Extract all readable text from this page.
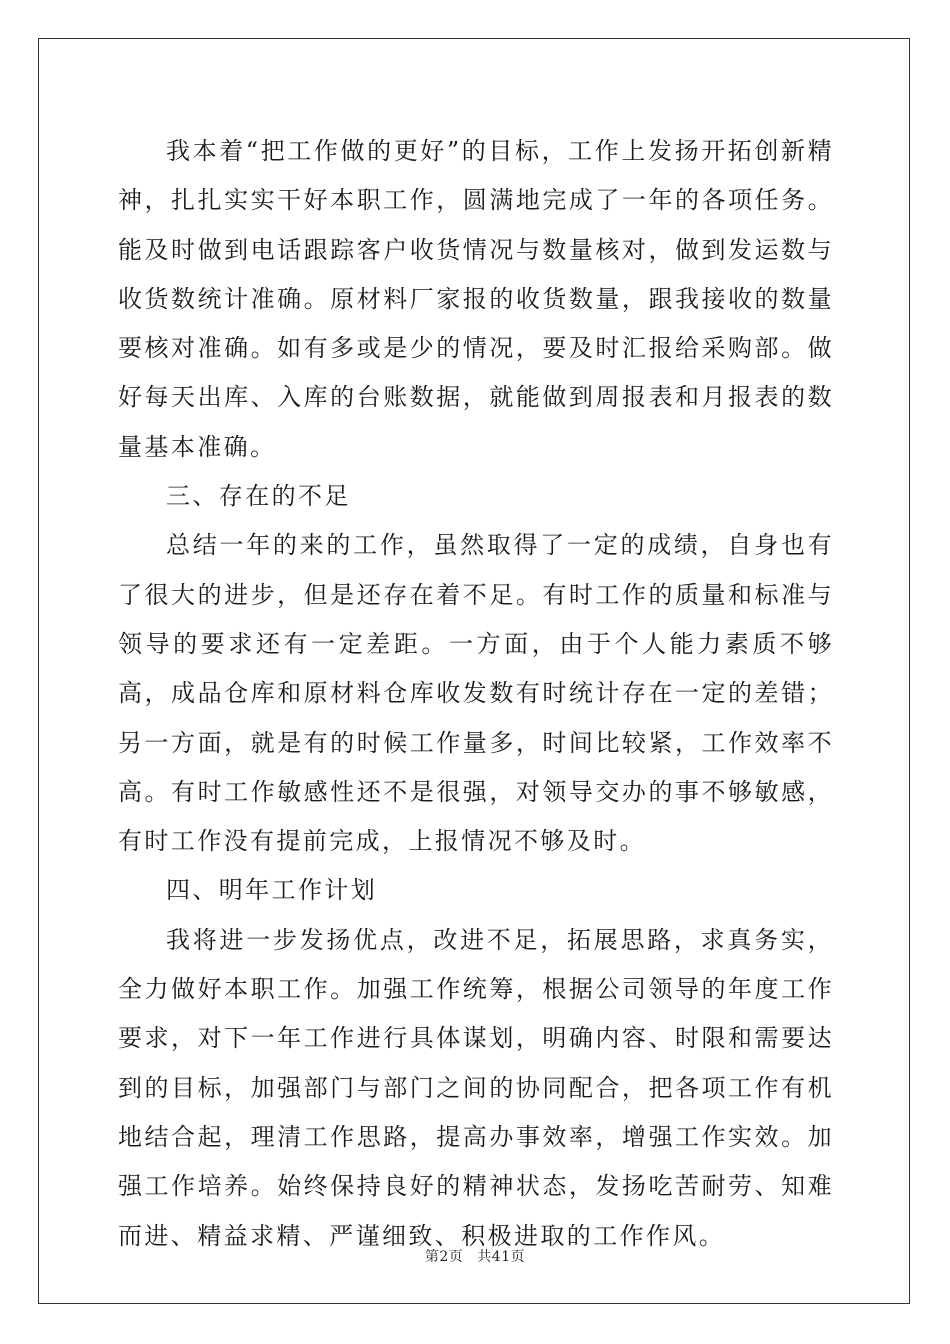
我本着“把工作做的更好”的目标，工作上发扬开拓创新精神，扎扎实实干好本职工作，圆满地完成了一年的各项任务。能及时做到电话跟踪客户收货情况与数量核对，做到发运数与收货数统计准确。原材料厂家报的收货数量，跟我接收的数量要核对准确。如有多或是少的情况，要及时汇报给采购部。做好每天出库、入库的台账数据，就能做到周报表和月报表的数量基本准确。

三、存在的不足

总结一年的来的工作，虽然取得了一定的成绩，自身也有了很大的进步，但是还存在着不足。有时工作的质量和标准与领导的要求还有一定差距。一方面，由于个人能力素质不够高，成品仓库和原材料仓库收发数有时统计存在一定的差错；另一方面，就是有的时候工作量多，时间比较紧，工作效率不高。有时工作敏感性还不是很强，对领导交办的事不够敏感，有时工作没有提前完成，上报情况不够及时。

四、明年工作计划

我将进一步发扬优点，改进不足，拓展思路，求真务实，全力做好本职工作。加强工作统筹，根据公司领导的年度工作要求，对下一年工作进行具体谋划，明确内容、时限和需要达到的目标，加强部门与部门之间的协同配合，把各项工作有机地结合起，理清工作思路，提高办事效率，增强工作实效。加强工作培养。始终保持良好的精神状态，发扬吃苦耐劳、知难而进、精益求精、严谨细致、积极进取的工作作风。

第2页 共41页
